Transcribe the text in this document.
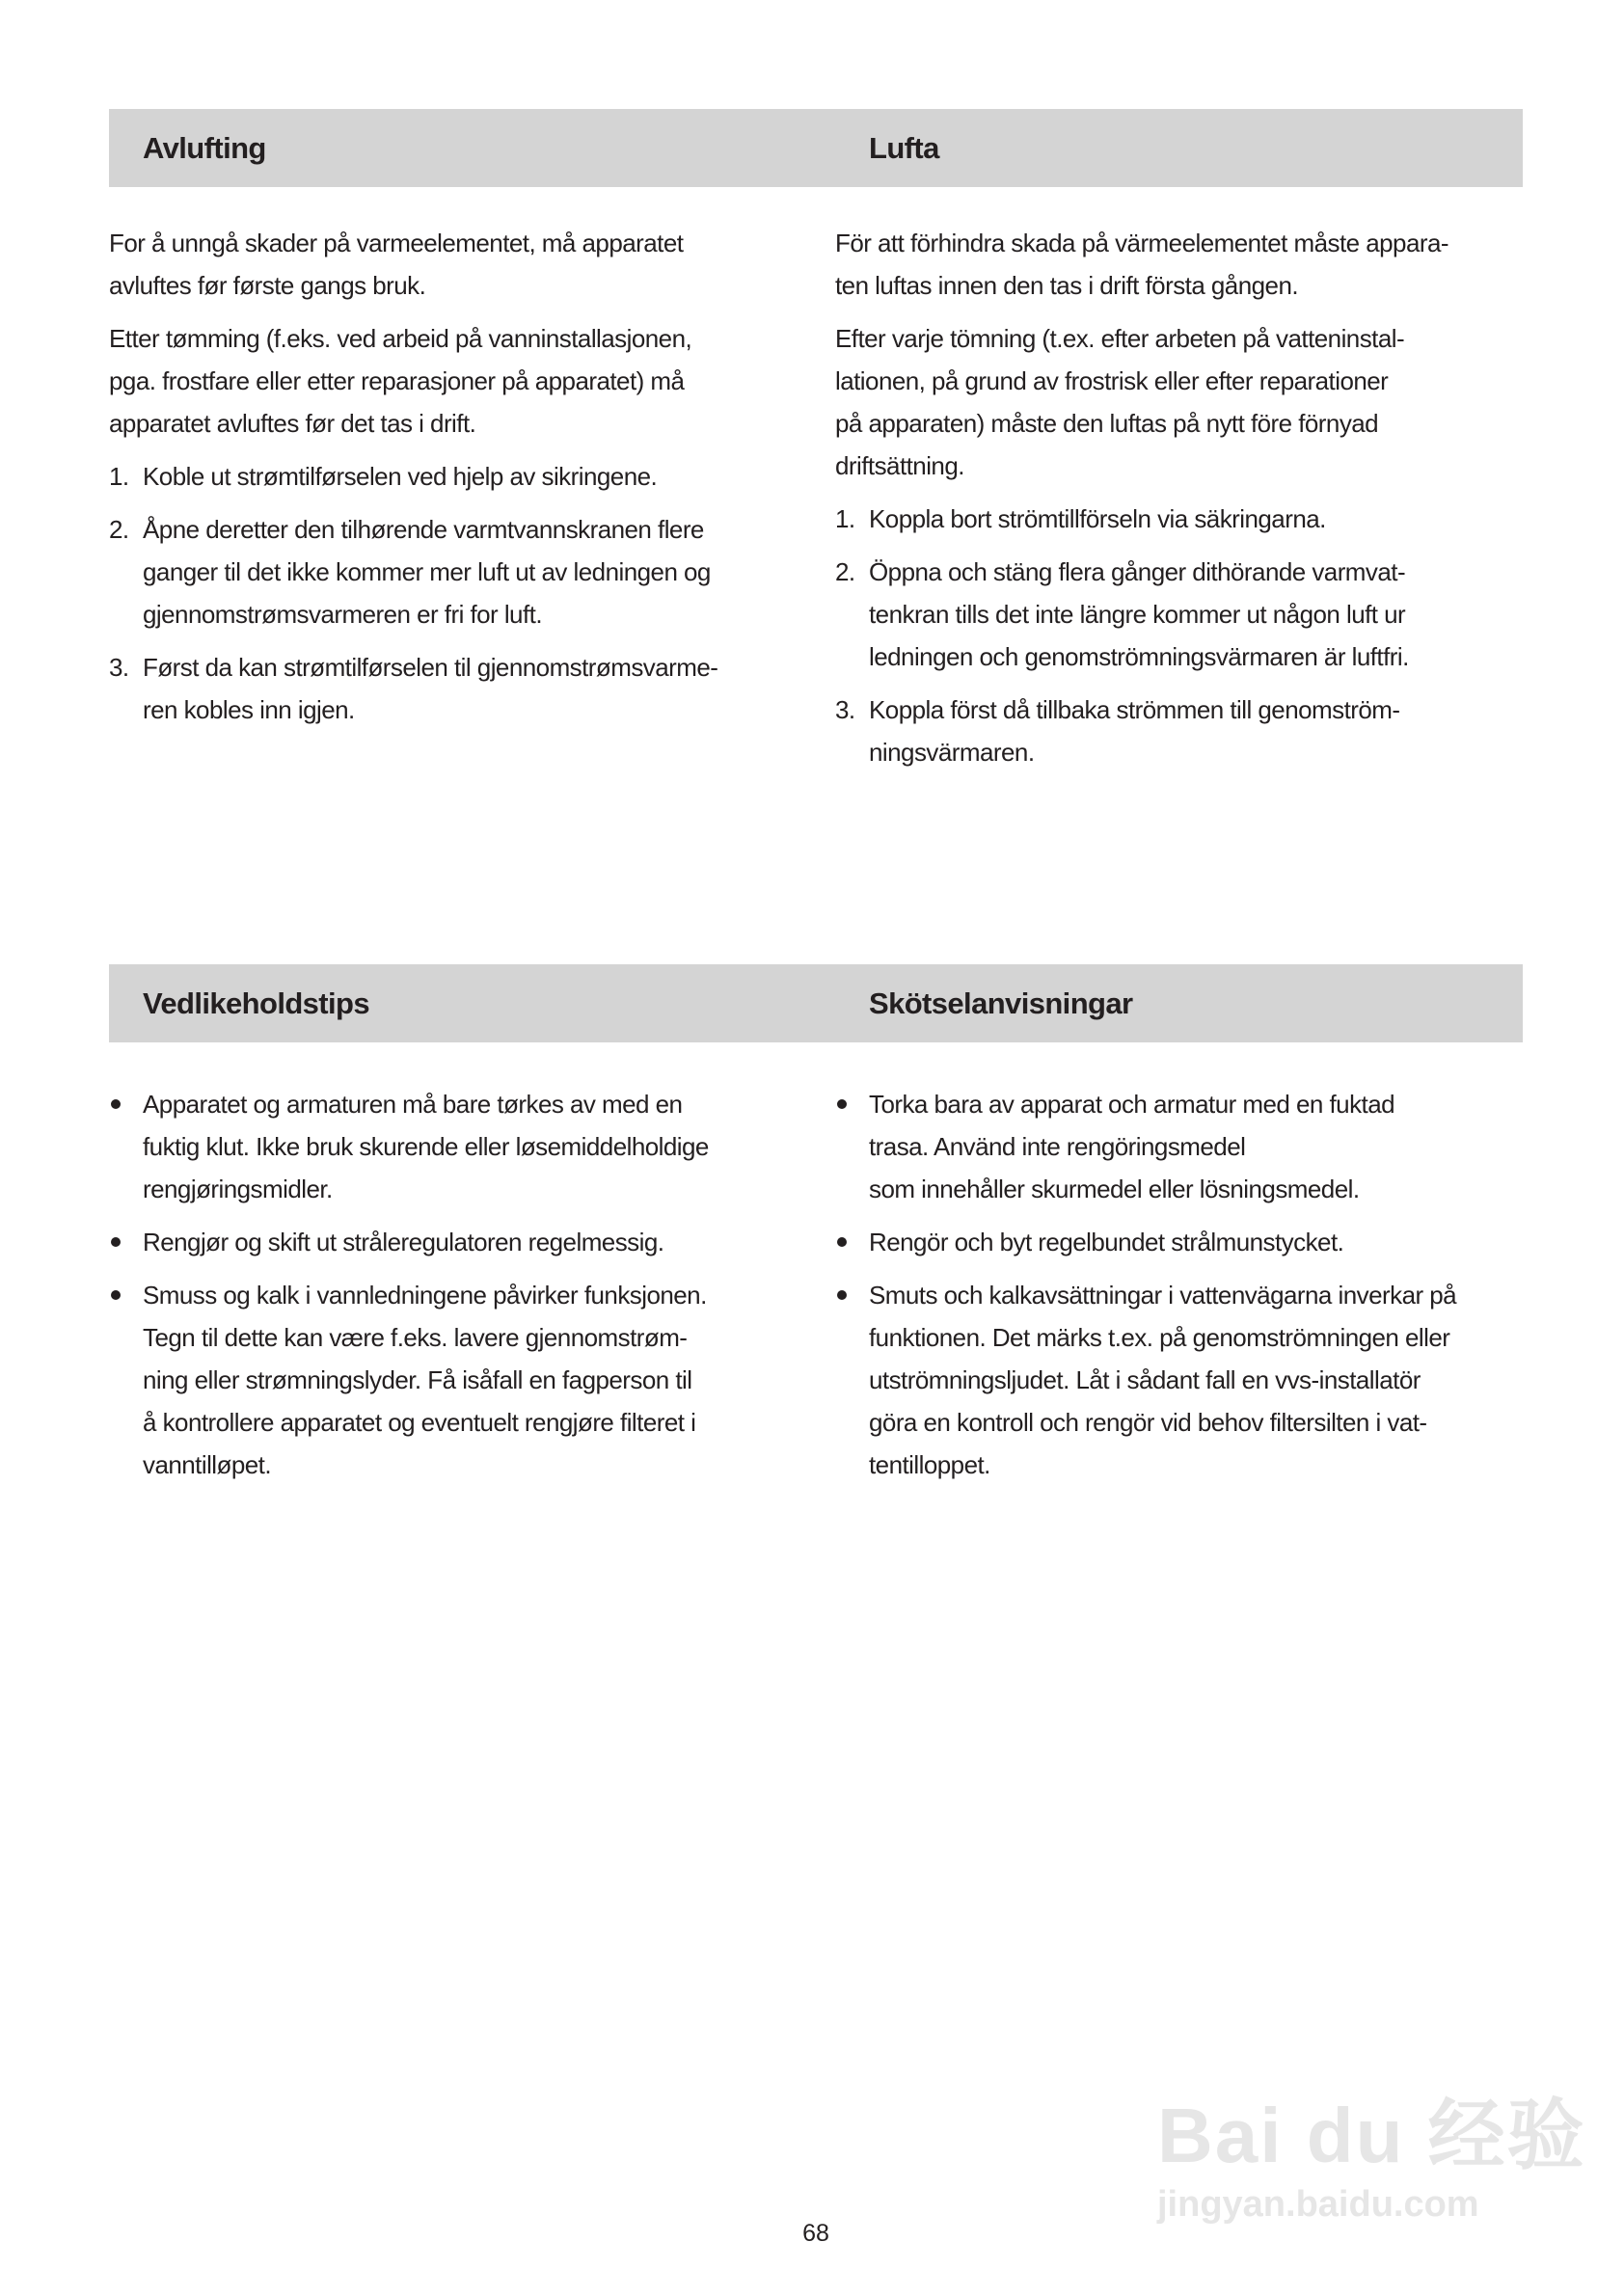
Avlufting	Lufta
For å unngå skader på varmeelementet, må apparatet
avluftes før første gangs bruk.
Etter tømming (f.eks. ved arbeid på vanninstallasjonen,
pga. frostfare eller etter reparasjoner på apparatet) må
apparatet avluftes før det tas i drift.
1. Koble ut strømtilførselen ved hjelp av sikringene.
2. Åpne deretter den tilhørende varmtvannskranen flere
ganger til det ikke kommer mer luft ut av ledningen og
gjennomstrømsvarmeren er fri for luft.
3. Først da kan strømtilførselen til gjennomstrømsvarme-
ren kobles inn igjen.
För att förhindra skada på värmeelementet måste appara-
ten luftas innen den tas i drift första gången.
Efter varje tömning (t.ex. efter arbeten på vatteninstal-
lationen, på grund av frostrisk eller efter reparationer
på apparaten) måste den luftas på nytt före förnyad
driftsättning.
1. Koppla bort strömtillförseln via säkringarna.
2. Öppna och stäng flera gånger dithörande varmvat-
tenkran tills det inte längre kommer ut någon luft ur
ledningen och genomströmningsvärmaren är luftfri.
3. Koppla först då tillbaka strömmen till genomström-
ningsvärmaren.
Vedlikeholdstips	Skötselanvisningar
Apparatet og armaturen må bare tørkes av med en
fuktig klut. Ikke bruk skurende eller løsemiddelholdige
rengjøringsmidler.
Rengjør og skift ut stråleregulatoren regelmessig.
Smuss og kalk i vannledningene påvirker funksjonen.
Tegn til dette kan være f.eks. lavere gjennomstrøm-
ning eller strømningslyder. Få isåfall en fagperson til
å kontrollere apparatet og eventuelt rengjøre filteret i
vanntilløpet.
Torka bara av apparat och armatur med en fuktad
trasa. Använd inte rengöringsmedel
som innehåller skurmedel eller lösningsmedel.
Rengör och byt regelbundet strålmunstycket.
Smuts och kalkavsättningar i vattenvägarna inverkar på
funktionen. Det märks t.ex. på genomströmningen eller
utströmningsljudet. Låt i sådant fall en vvs-installatör
göra en kontroll och rengör vid behov filtersilten i vat-
tentilloppet.
68
Bai du 经验
jingyan.baidu.com
